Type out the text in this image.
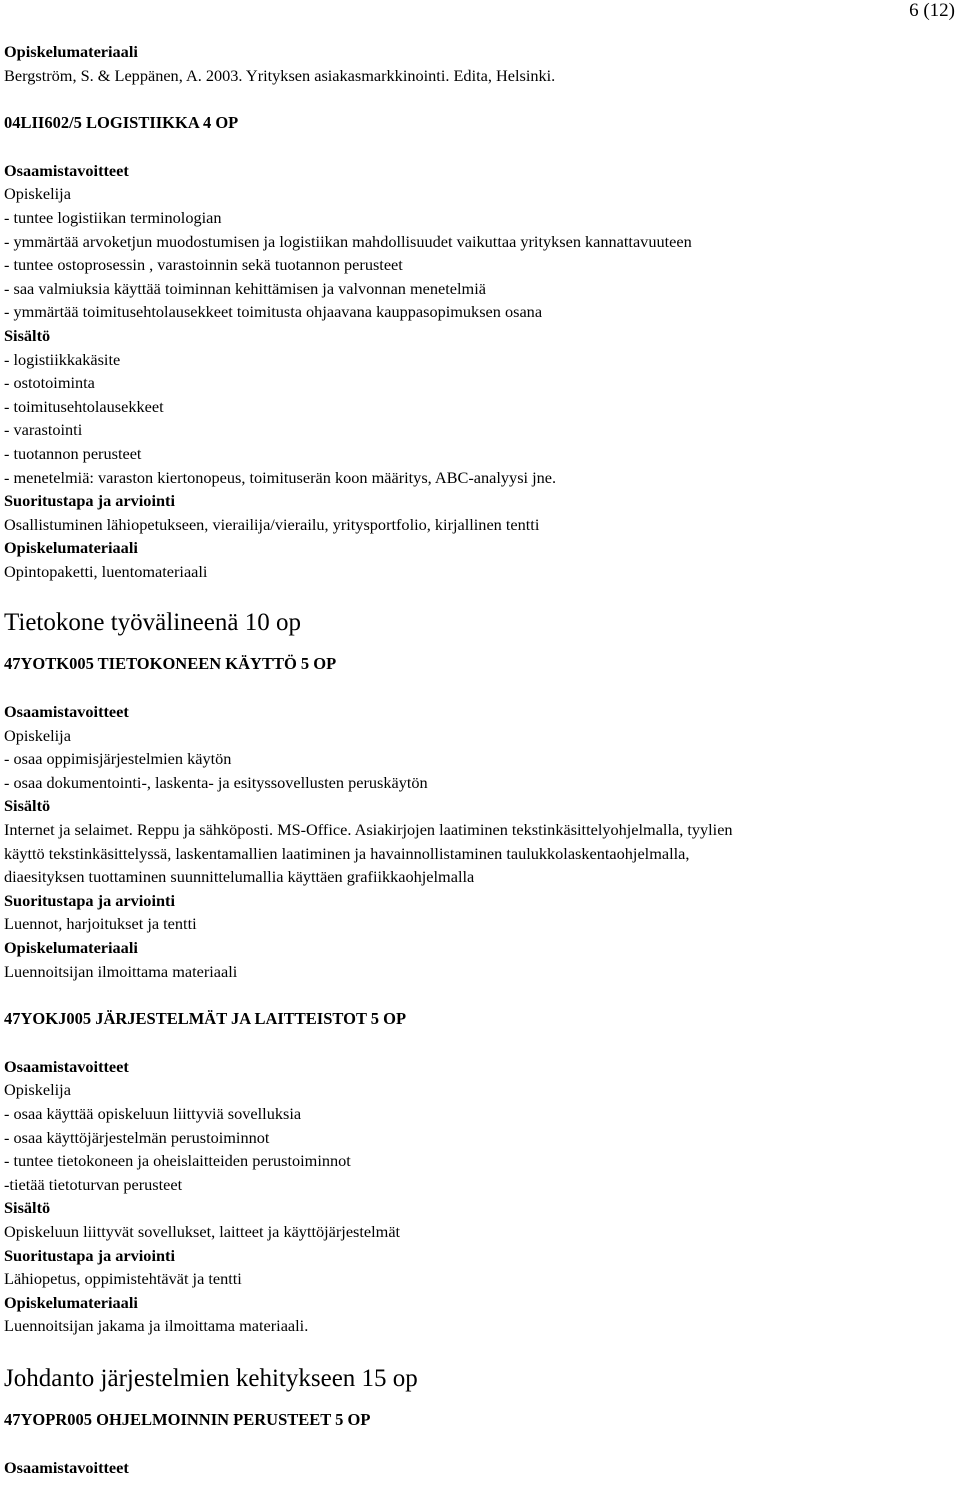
6 (12)
Opiskelumateriaali
Bergström, S. & Leppänen, A. 2003. Yrityksen asiakasmarkkinointi. Edita, Helsinki.
04LII602/5 LOGISTIIKKA 4 OP
Osaamistavoitteet
Opiskelija
- tuntee logistiikan terminologian
- ymmärtää arvoketjun muodostumisen ja logistiikan mahdollisuudet vaikuttaa yrityksen kannattavuuteen
- tuntee ostoprosessin , varastoinnin sekä tuotannon perusteet
- saa valmiuksia käyttää toiminnan kehittämisen ja valvonnan menetelmiä
- ymmärtää toimitusehtolausekkeet toimitusta ohjaavana kauppasopimuksen osana
Sisältö
- logistiikkakäsite
- ostotoiminta
- toimitusehtolausekkeet
- varastointi
- tuotannon perusteet
- menetelmiä: varaston kiertonopeus, toimituserän koon määritys, ABC-analyysi jne.
Suoritustapa ja arviointi
Osallistuminen lähiopetukseen, vierailija/vierailu, yritysportfolio, kirjallinen tentti
Opiskelumateriaali
Opintopaketti, luentomateriaali
Tietokone työvälineenä 10 op
47YOTK005 TIETOKONEEN KÄYTTÖ 5 OP
Osaamistavoitteet
Opiskelija
- osaa oppimisjärjestelmien käytön
- osaa dokumentointi-, laskenta- ja esityssovellusten peruskäytön
Sisältö
Internet ja selaimet. Reppu ja sähköposti. MS-Office. Asiakirjojen laatiminen tekstinkäsittelyohjelmalla, tyylien
käyttö tekstinkäsittelyssä, laskentamallien laatiminen ja havainnollistaminen taulukkolaskentaohjelmalla,
diaesityksen tuottaminen suunnittelumallia käyttäen grafiikkaohjelmalla
Suoritustapa ja arviointi
Luennot, harjoitukset ja tentti
Opiskelumateriaali
Luennoitsijan ilmoittama materiaali
47YOKJ005 JÄRJESTELMÄT JA LAITTEISTOT 5 OP
Osaamistavoitteet
Opiskelija
- osaa käyttää opiskeluun liittyviä sovelluksia
- osaa käyttöjärjestelmän perustoiminnot
- tuntee tietokoneen ja oheislaitteiden perustoiminnot
-tietää tietoturvan perusteet
Sisältö
Opiskeluun liittyvät sovellukset, laitteet ja käyttöjärjestelmät
Suoritustapa ja arviointi
Lähiopetus, oppimistehtävät ja tentti
Opiskelumateriaali
Luennoitsijan jakama ja ilmoittama materiaali.
Johdanto järjestelmien kehitykseen 15 op
47YOPR005 OHJELMOINNIN PERUSTEET 5 OP
Osaamistavoitteet
